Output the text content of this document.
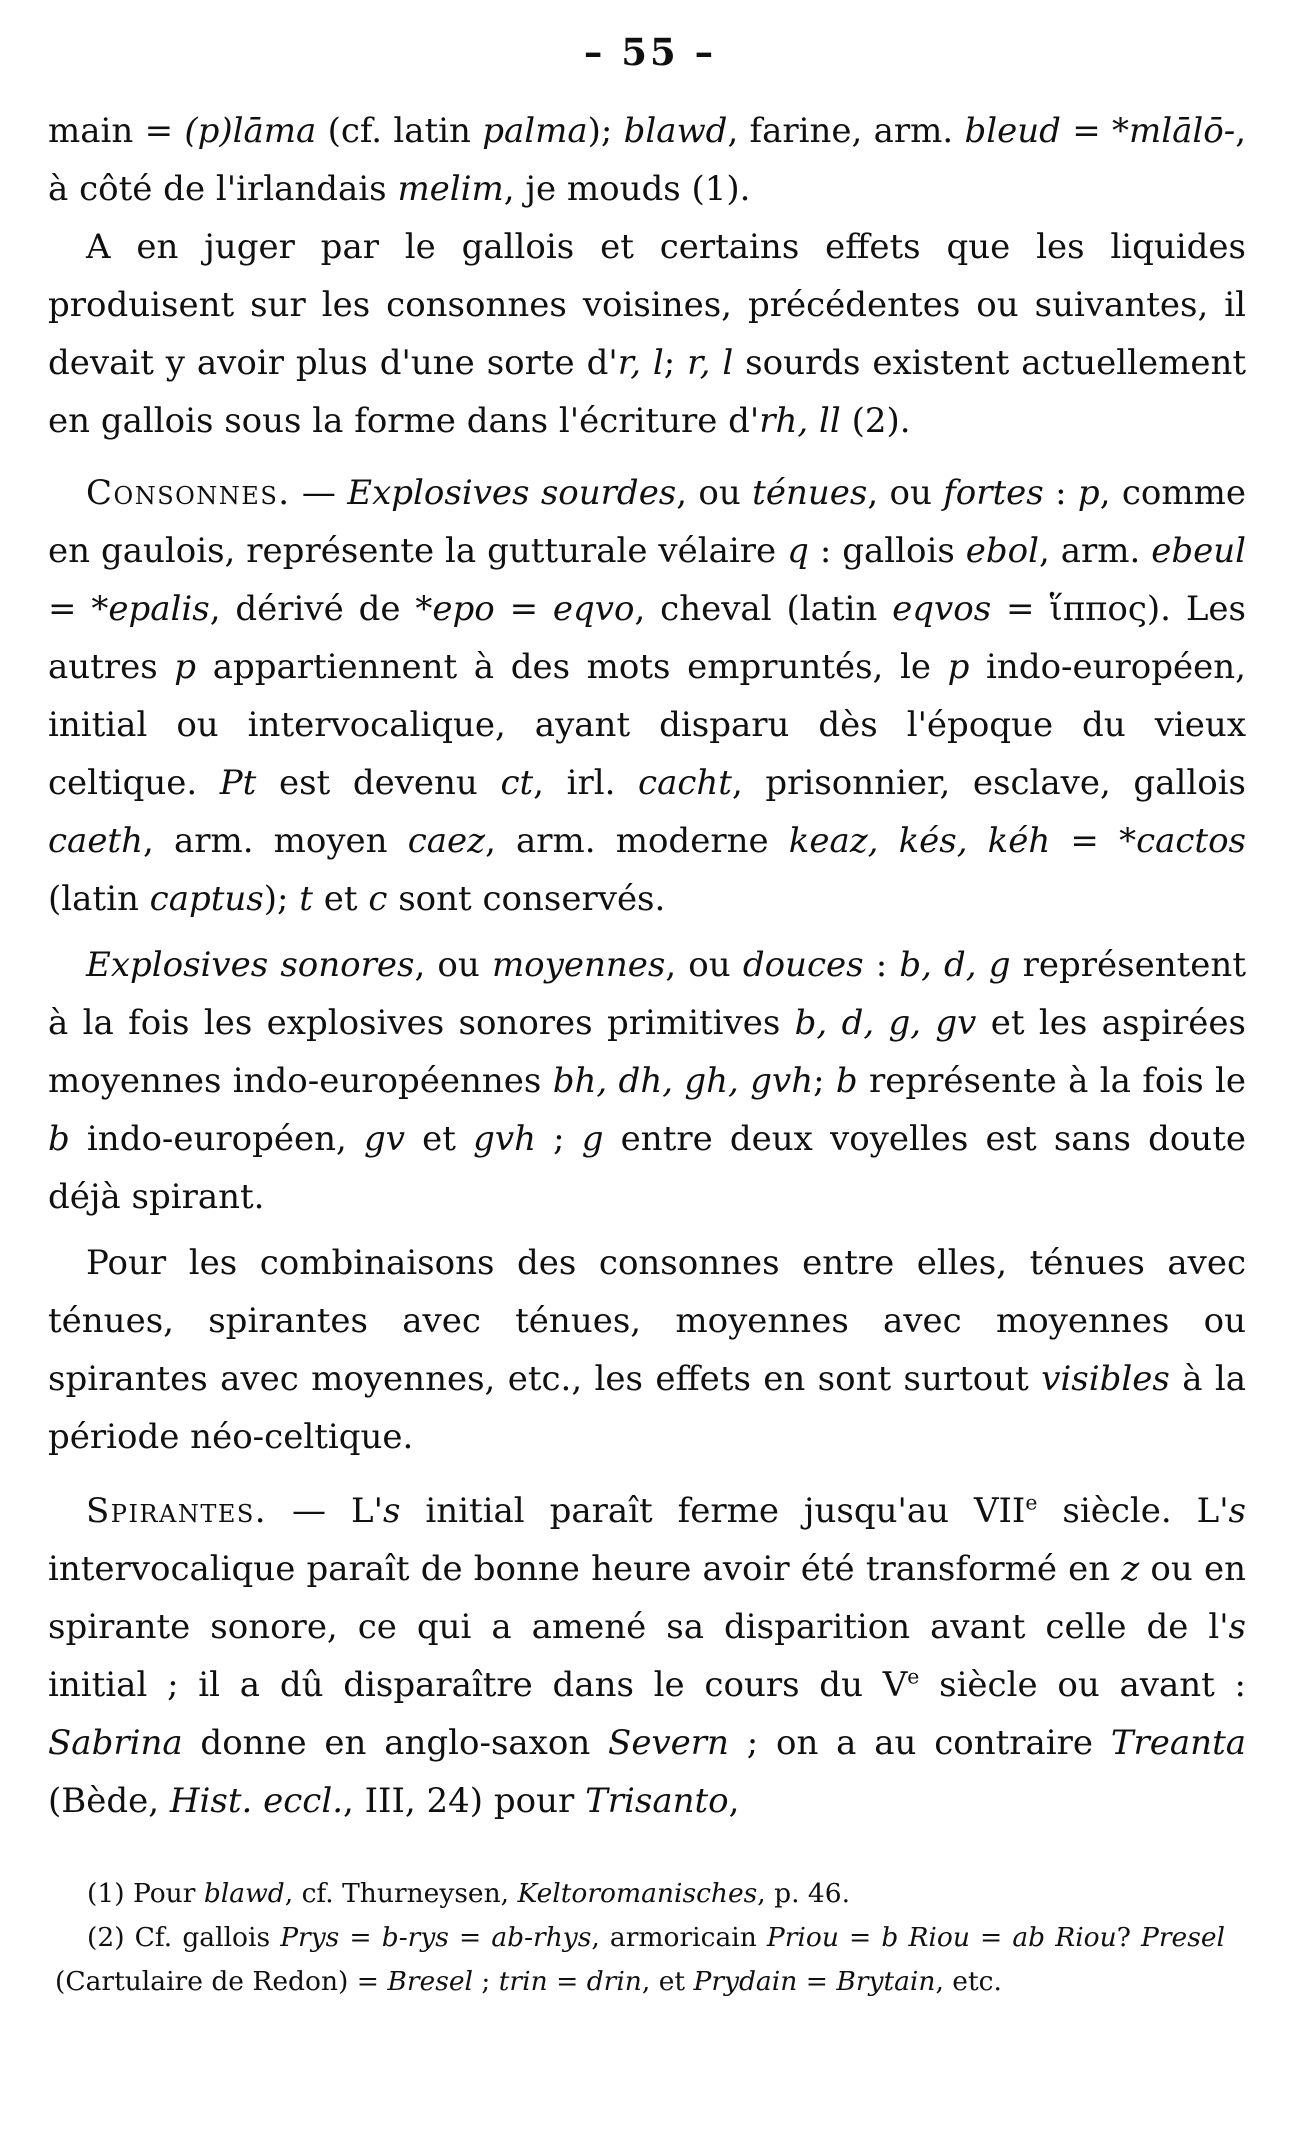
– 55 –

main = (p)lāma (cf. latin palma); blawd, farine, arm. bleud = *mlālō-, à côté de l'irlandais melim, je mouds (1).

A en juger par le gallois et certains effets que les liquides produisent sur les consonnes voisines, précédentes ou suivantes, il devait y avoir plus d'une sorte d'r, l; r, l sourds existent actuellement en gallois sous la forme dans l'écriture d'rh, ll (2).

Consonnes. — Explosives sourdes, ou ténues, ou fortes : p, comme en gaulois, représente la gutturale vélaire q : gallois ebol, arm. ebeul = *epalis, dérivé de *epo = eqvo, cheval (latin eqvos = ἵππος). Les autres p appartiennent à des mots empruntés, le p indo-européen, initial ou intervocalique, ayant disparu dès l'époque du vieux celtique. Pt est devenu ct, irl. cacht, prisonnier, esclave, gallois caeth, arm. moyen caez, arm. moderne keaz, kés, kéh = *cactos (latin captus); t et c sont conservés.

Explosives sonores, ou moyennes, ou douces : b, d, g représentent à la fois les explosives sonores primitives b, d, g, gv et les aspirées moyennes indo-européennes bh, dh, gh, gvh; b représente à la fois le b indo-européen, gv et gvh ; g entre deux voyelles est sans doute déjà spirant.

Pour les combinaisons des consonnes entre elles, ténues avec ténues, spirantes avec ténues, moyennes avec moyennes ou spirantes avec moyennes, etc., les effets en sont surtout visibles à la période néo-celtique.

Spirantes. — L's initial paraît ferme jusqu'au VIIe siècle. L's intervocalique paraît de bonne heure avoir été transformé en z ou en spirante sonore, ce qui a amené sa disparition avant celle de l's initial ; il a dû disparaître dans le cours du Ve siècle ou avant : Sabrina donne en anglo-saxon Severn ; on a au contraire Treanta (Bède, Hist. eccl., III, 24) pour Trisanto,

(1) Pour blawd, cf. Thurneysen, Keltoromanisches, p. 46.

(2) Cf. gallois Prys = b-rys = ab-rhys, armoricain Priou = b Riou = ab Riou? Presel (Cartulaire de Redon) = Bresel ; trin = drin, et Prydain = Brytain, etc.
